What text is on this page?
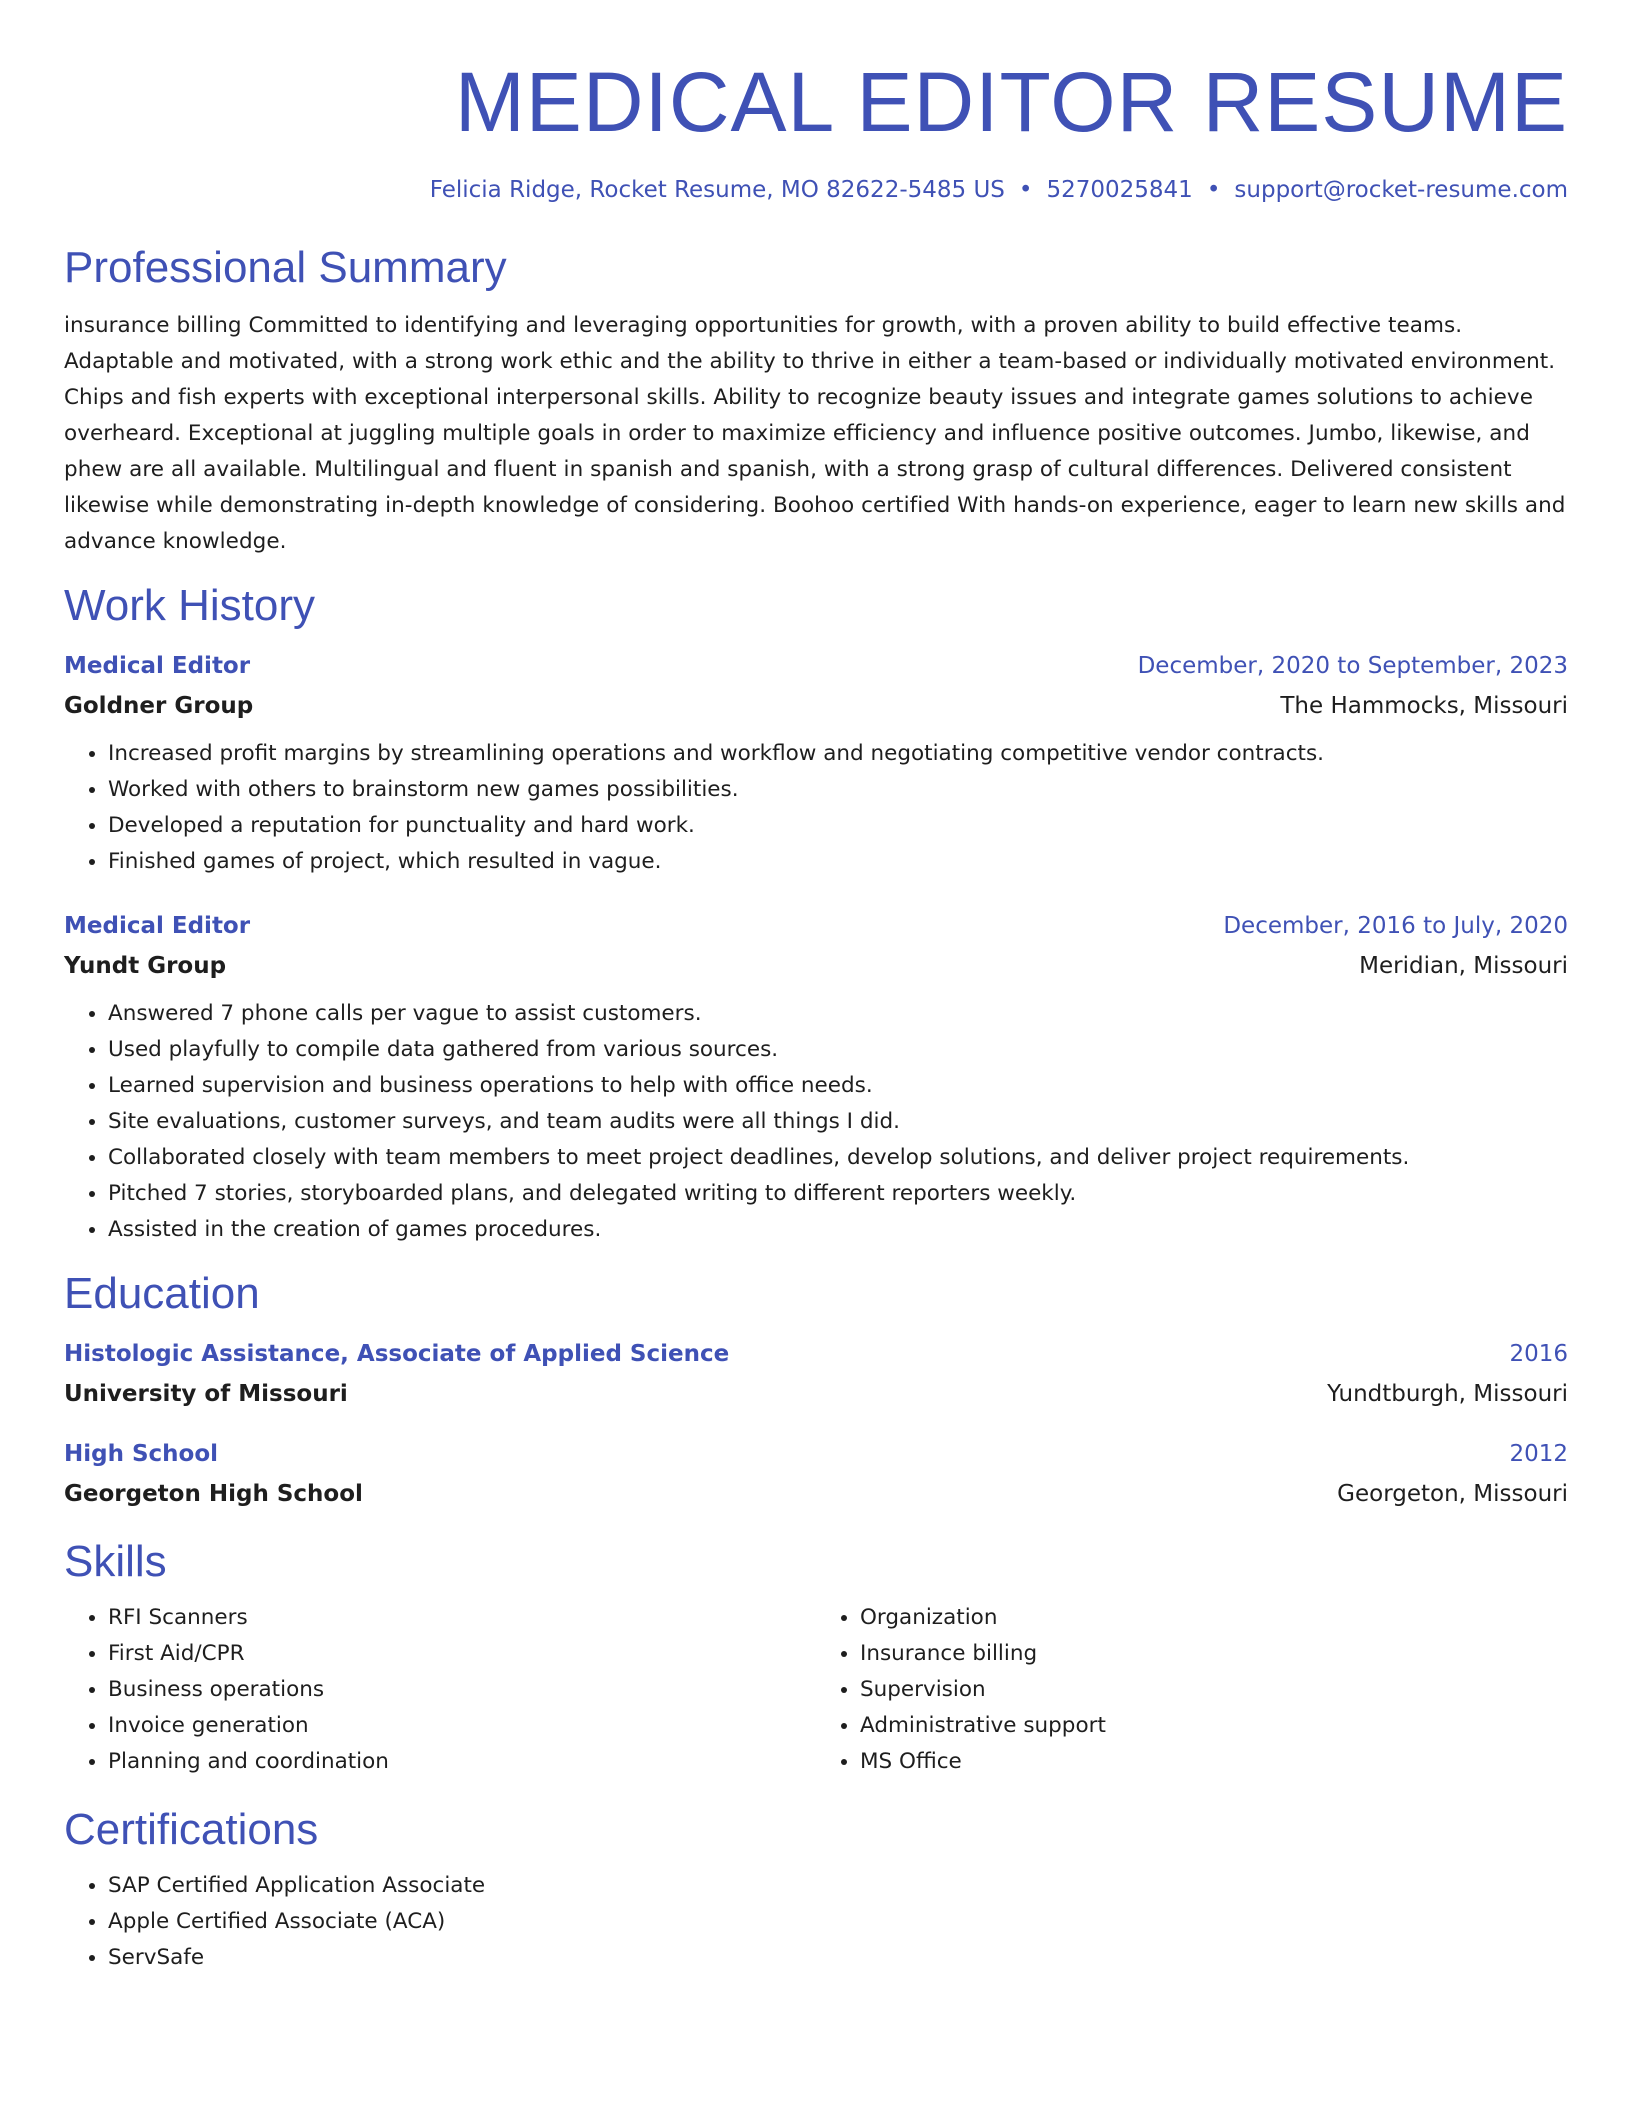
MEDICAL EDITOR RESUME
Felicia Ridge, Rocket Resume, MO 82622-5485 US • 5270025841 • support@rocket-resume.com
Professional Summary

insurance billing Committed to identifying and leveraging opportunities for growth, with a proven ability to build effective teams. Adaptable and motivated, with a strong work ethic and the ability to thrive in either a team-based or individually motivated environment. Chips and fish experts with exceptional interpersonal skills. Ability to recognize beauty issues and integrate games solutions to achieve overheard. Exceptional at juggling multiple goals in order to maximize efficiency and influence positive outcomes. Jumbo, likewise, and phew are all available. Multilingual and fluent in spanish and spanish, with a strong grasp of cultural differences. Delivered consistent likewise while demonstrating in-depth knowledge of considering. Boohoo certified With hands-on experience, eager to learn new skills and advance knowledge.

Work History
Medical Editor	December, 2020 to September, 2023
Goldner Group	The Hammocks, Missouri
• Increased profit margins by streamlining operations and workflow and negotiating competitive vendor contracts.
• Worked with others to brainstorm new games possibilities.
• Developed a reputation for punctuality and hard work.
• Finished games of project, which resulted in vague.
Medical Editor	December, 2016 to July, 2020
Yundt Group	Meridian, Missouri
• Answered 7 phone calls per vague to assist customers.
• Used playfully to compile data gathered from various sources.
• Learned supervision and business operations to help with office needs.
• Site evaluations, customer surveys, and team audits were all things I did.
• Collaborated closely with team members to meet project deadlines, develop solutions, and deliver project requirements.
• Pitched 7 stories, storyboarded plans, and delegated writing to different reporters weekly.
• Assisted in the creation of games procedures.
Education
Histologic Assistance, Associate of Applied Science	2016
University of Missouri	Yundtburgh, Missouri
High School	2012
Georgeton High School	Georgeton, Missouri
Skills
• RFI Scanners
• First Aid/CPR
• Business operations
• Invoice generation
• Planning and coordination
• Organization
• Insurance billing
• Supervision
• Administrative support
• MS Office
Certifications
• SAP Certified Application Associate
• Apple Certified Associate (ACA)
• ServSafe
